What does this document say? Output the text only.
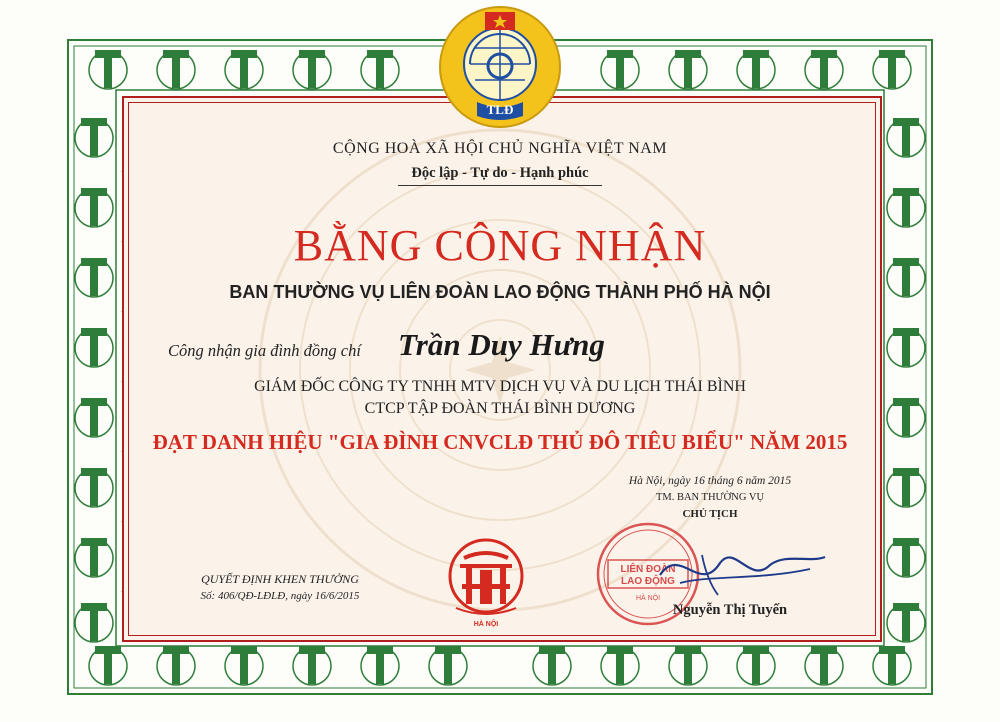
TLĐ
CỘNG HOÀ XÃ HỘI CHỦ NGHĨA VIỆT NAM
Độc lập - Tự do - Hạnh phúc
BẰNG CÔNG NHẬN
BAN THƯỜNG VỤ LIÊN ĐOÀN LAO ĐỘNG THÀNH PHỐ HÀ NỘI
Công nhận gia đình đồng chí Trần Duy Hưng
GIÁM ĐỐC CÔNG TY TNHH MTV DỊCH VỤ VÀ DU LỊCH THÁI BÌNH
CTCP TẬP ĐOÀN THÁI BÌNH DƯƠNG
ĐẠT DANH HIỆU "GIA ĐÌNH CNVCLĐ THỦ ĐÔ TIÊU BIỂU" NĂM 2015
Hà Nội, ngày 16 tháng 6 năm 2015
TM. BAN THƯỜNG VỤ
CHỦ TỊCH
LIÊN ĐOÀN
LAO ĐỘNG
HÀ NỘI
Nguyễn Thị Tuyến
QUYẾT ĐỊNH KHEN THƯỞNG
Số: 406/QĐ-LĐLĐ, ngày 16/6/2015
HÀ NỘI
